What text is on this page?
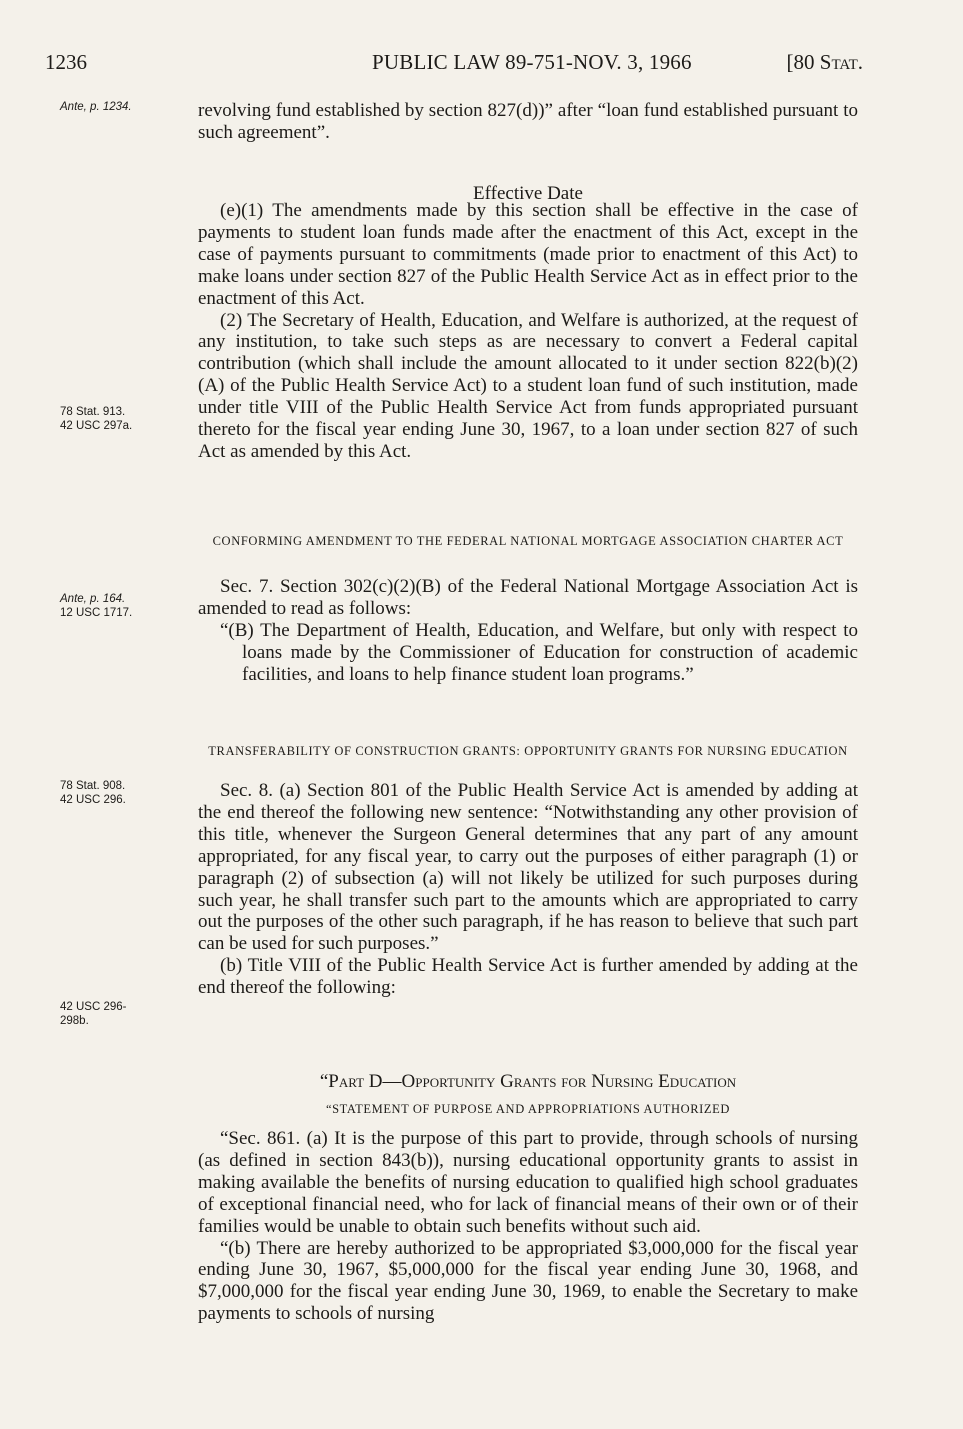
1236	PUBLIC LAW 89-751-NOV. 3, 1966	[80 Stat.
Ante, p. 1234.
78 Stat. 913.
42 USC 297a.
Ante, p. 164.
12 USC 1717.
78 Stat. 908.
42 USC 296.
42 USC 296-
298b.

revolving fund established by section 827(d))” after “loan fund established pursuant to such agreement”.

Effective Date

(e)(1) The amendments made by this section shall be effective in the case of payments to student loan funds made after the enactment of this Act, except in the case of payments pursuant to commitments (made prior to enactment of this Act) to make loans under section 827 of the Public Health Service Act as in effect prior to the enactment of this Act.

(2) The Secretary of Health, Education, and Welfare is authorized, at the request of any institution, to take such steps as are necessary to convert a Federal capital contribution (which shall include the amount allocated to it under section 822(b)(2)(A) of the Public Health Service Act) to a student loan fund of such institution, made under title VIII of the Public Health Service Act from funds appropriated pursuant thereto for the fiscal year ending June 30, 1967, to a loan under section 827 of such Act as amended by this Act.

CONFORMING AMENDMENT TO THE FEDERAL NATIONAL MORTGAGE ASSOCIATION CHARTER ACT

Sec. 7. Section 302(c)(2)(B) of the Federal National Mortgage Association Act is amended to read as follows:

“(B) The Department of Health, Education, and Welfare, but only with respect to loans made by the Commissioner of Education for construction of academic facilities, and loans to help finance student loan programs.”

TRANSFERABILITY OF CONSTRUCTION GRANTS: OPPORTUNITY GRANTS FOR NURSING EDUCATION

Sec. 8. (a) Section 801 of the Public Health Service Act is amended by adding at the end thereof the following new sentence: “Notwithstanding any other provision of this title, whenever the Surgeon General determines that any part of any amount appropriated, for any fiscal year, to carry out the purposes of either paragraph (1) or paragraph (2) of subsection (a) will not likely be utilized for such purposes during such year, he shall transfer such part to the amounts which are appropriated to carry out the purposes of the other such paragraph, if he has reason to believe that such part can be used for such purposes.”

(b) Title VIII of the Public Health Service Act is further amended by adding at the end thereof the following:

“Part D—Opportunity Grants for Nursing Education

“STATEMENT OF PURPOSE AND APPROPRIATIONS AUTHORIZED

“Sec. 861. (a) It is the purpose of this part to provide, through schools of nursing (as defined in section 843(b)), nursing educational opportunity grants to assist in making available the benefits of nursing education to qualified high school graduates of exceptional financial need, who for lack of financial means of their own or of their families would be unable to obtain such benefits without such aid.

“(b) There are hereby authorized to be appropriated $3,000,000 for the fiscal year ending June 30, 1967, $5,000,000 for the fiscal year ending June 30, 1968, and $7,000,000 for the fiscal year ending June 30, 1969, to enable the Secretary to make payments to schools of nursing
